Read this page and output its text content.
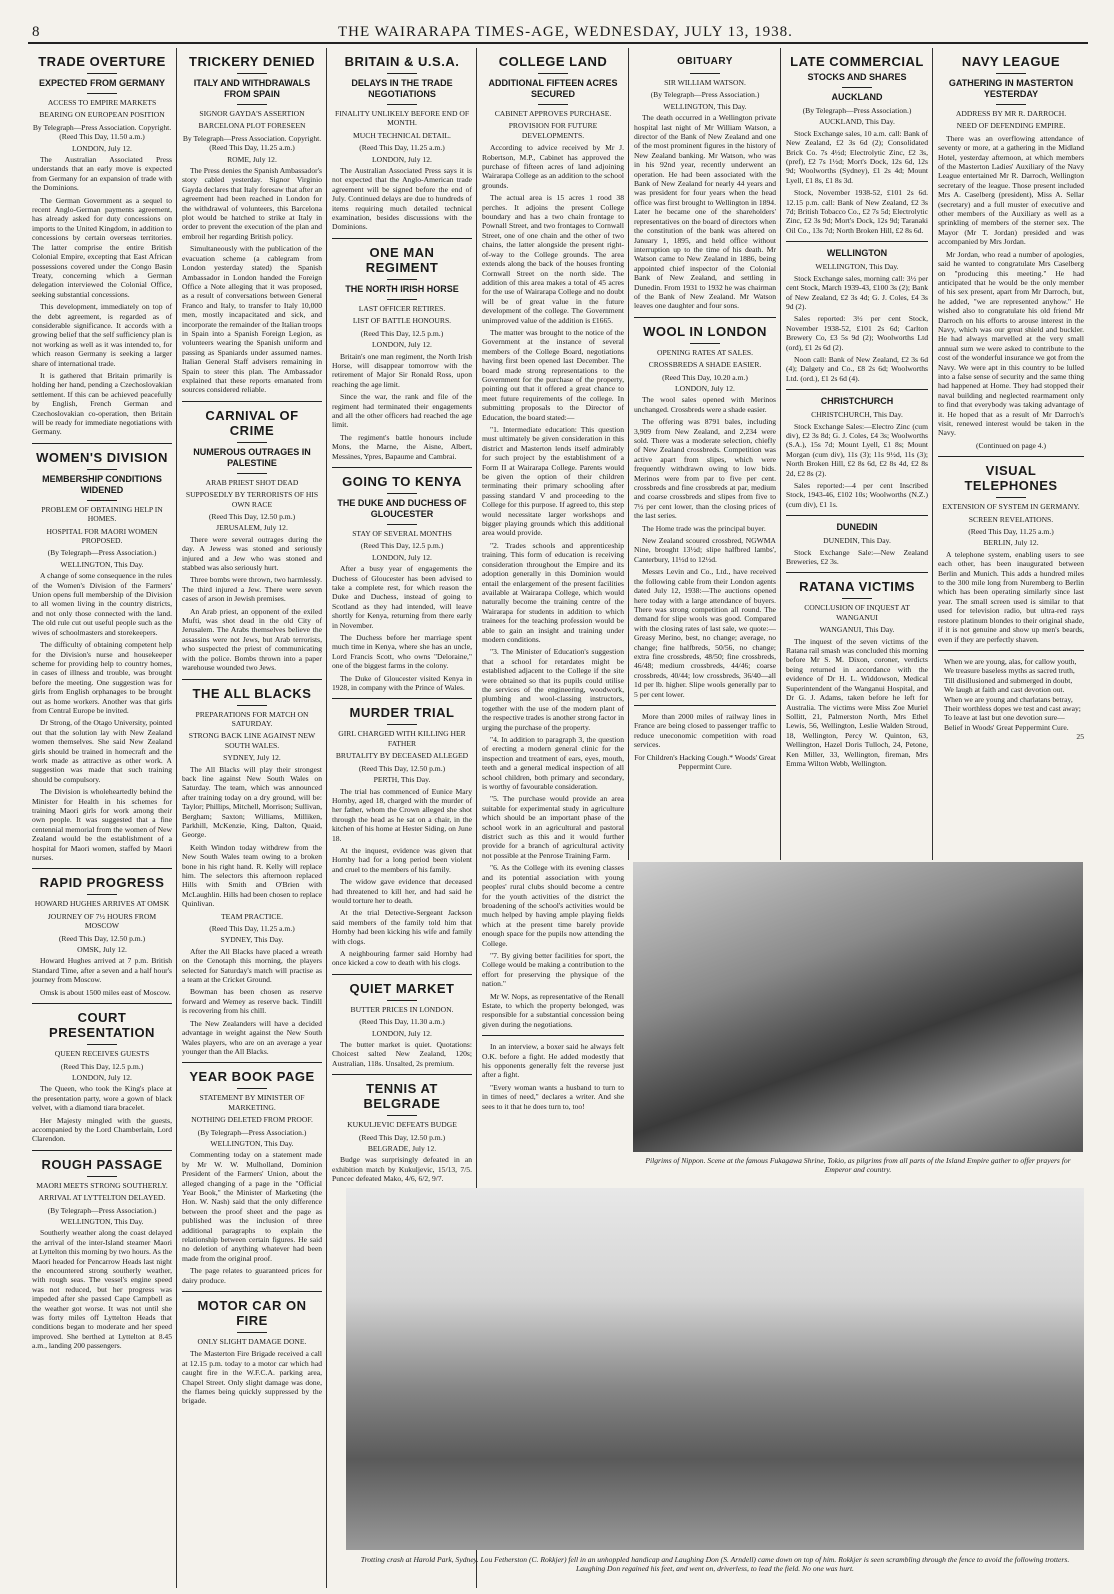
8	THE WAIRARAPA TIMES-AGE, WEDNESDAY, JULY 13, 1938.
TRADE OVERTURE
EXPECTED FROM GERMANY
ACCESS TO EMPIRE MARKETS
BEARING ON EUROPEAN POSITION
By Telegraph—Press Association. Copyright. (Reed This Day, 11.50 a.m.)
LONDON, July 12.

The Australian Associated Press understands that an early move is expected from Germany for an expansion of trade with the Dominions.

The German Government as a sequel to recent Anglo-German payments agreement, has already asked for duty concessions on imports to the United Kingdom, in addition to concessions by certain overseas territories. The latter comprise the entire British Colonial Empire, excepting that East African possessions covered under the Congo Basin Treaty, concerning which a German delegation interviewed the Colonial Office, seeking substantial concessions.

This development, immediately on top of the debt agreement, is regarded as of considerable significance. It accords with a growing belief that the self sufficiency plan is not working as well as it was intended to, for which reason Germany is seeking a larger share of international trade.

It is gathered that Britain primarily is holding her hand, pending a Czechoslovakian settlement. If this can be achieved peacefully by English, French German and Czechoslovakian co-operation, then Britain will be ready for immediate negotiations with Germany.

WOMEN'S DIVISION
MEMBERSHIP CONDITIONS WIDENED
PROBLEM OF OBTAINING HELP IN HOMES.
HOSPITAL FOR MAORI WOMEN PROPOSED.
(By Telegraph—Press Association.)
WELLINGTON, This Day.

A change of some consequence in the rules of the Women's Division of the Farmers' Union opens full membership of the Division to all women living in the country districts, and not only those connected with the land. The old rule cut out useful people such as the wives of schoolmasters and storekeepers.

The difficulty of obtaining competent help for the Division's nurse and housekeeper scheme for providing help to country homes, in cases of illness and trouble, was brought before the meeting. One suggestion was for girls from English orphanages to be brought out as home workers. Another was that girls from Central Europe be invited.

Dr Strong, of the Otago University, pointed out that the solution lay with New Zealand women themselves. She said New Zealand girls should be trained in homecraft and the work made as attractive as other work. A suggestion was made that such training should be compulsory.

The Division is wholeheartedly behind the Minister for Health in his schemes for training Maori girls for work among their own people. It was suggested that a fine centennial memorial from the women of New Zealand would be the establishment of a hospital for Maori women, staffed by Maori nurses.

RAPID PROGRESS
HOWARD HUGHES ARRIVES AT OMSK
JOURNEY OF 7½ HOURS FROM MOSCOW
(Reed This Day, 12.50 p.m.)
OMSK, July 12.

Howard Hughes arrived at 7 p.m. British Standard Time, after a seven and a half hour's journey from Moscow.

Omsk is about 1500 miles east of Moscow.

COURT PRESENTATION
QUEEN RECEIVES GUESTS
(Reed This Day, 12.5 p.m.)
LONDON, July 12.

The Queen, who took the King's place at the presentation party, wore a gown of black velvet, with a diamond tiara bracelet.

Her Majesty mingled with the guests, accompanied by the Lord Chamberlain, Lord Clarendon.

ROUGH PASSAGE
MAORI MEETS STRONG SOUTHERLY.
ARRIVAL AT LYTTELTON DELAYED.
(By Telegraph—Press Association.)
WELLINGTON, This Day.

Southerly weather along the coast delayed the arrival of the inter-Island steamer Maori at Lyttelton this morning by two hours. As the Maori headed for Pencarrow Heads last night the encountered strong southerly weather, with rough seas. The vessel's engine speed was not reduced, but her progress was impeded after she passed Cape Campbell as the weather got worse. It was not until she was forty miles off Lyttelton Heads that conditions began to moderate and her speed improved. She berthed at Lyttelton at 8.45 a.m., landing 200 passengers.

TRICKERY DENIED
ITALY AND WITHDRAWALS FROM SPAIN
SIGNOR GAYDA'S ASSERTION
BARCELONA PLOT FORESEEN
By Telegraph—Press Association. Copyright. (Reed This Day, 11.25 a.m.)
ROME, July 12.

The Press denies the Spanish Ambassador's story cabled yesterday. Signor Virginio Gayda declares that Italy foresaw that after an agreement had been reached in London for the withdrawal of volunteers, this Barcelona plot would be hatched to strike at Italy in order to prevent the execution of the plan and embroil her regarding British policy.

Simultaneously with the publication of the evacuation scheme (a cablegram from London yesterday stated) the Spanish Ambassador in London handed the Foreign Office a Note alleging that it was proposed, as a result of conversations between General Franco and Italy, to transfer to Italy 10,000 men, mostly incapacitated and sick, and incorporate the remainder of the Italian troops in Spain into a Spanish Foreign Legion, as volunteers wearing the Spanish uniform and passing as Spaniards under assumed names. Italian General Staff advisers remaining in Spain to steer this plan. The Ambassador explained that these reports emanated from sources considered reliable.

CARNIVAL OF CRIME
NUMEROUS OUTRAGES IN PALESTINE
ARAB PRIEST SHOT DEAD
SUPPOSEDLY BY TERRORISTS OF HIS OWN RACE
(Reed This Day, 12.50 p.m.)
JERUSALEM, July 12.

There were several outrages during the day. A Jewess was stoned and seriously injured and a Jew who was stoned and stabbed was also seriously hurt.

Three bombs were thrown, two harmlessly. The third injured a Jew. There were seven cases of arson in Jewish premises.

An Arab priest, an opponent of the exiled Mufti, was shot dead in the old City of Jerusalem. The Arabs themselves believe the assassins were not Jews, but Arab terrorists, who suspected the priest of communicating with the police. Bombs thrown into a paper warehouse wounded two Jews.

THE ALL BLACKS
PREPARATIONS FOR MATCH ON SATURDAY.
STRONG BACK LINE AGAINST NEW SOUTH WALES.
SYDNEY, July 12.

The All Blacks will play their strongest back line against New South Wales on Saturday. The team, which was announced after training today on a dry ground, will be: Taylor; Phillips, Mitchell, Morrison; Sullivan, Bergham; Saxton; Williams, Milliken, Parkhill, McKenzie, King, Dalton, Quaid, George.

Keith Windon today withdrew from the New South Wales team owing to a broken bone in his right hand. R. Kelly will replace him. The selectors this afternoon replaced Hills with Smith and O'Brien with McLaughlin. Hills had been chosen to replace Quinlivan.

TEAM PRACTICE.
(Reed This Day, 11.25 a.m.)
SYDNEY, This Day.

After the All Blacks have placed a wreath on the Cenotaph this morning, the players selected for Saturday's match will practise as a team at the Cricket Ground.

Bowman has been chosen as reserve forward and Wemey as reserve back. Tindill is recovering from his chill.

The New Zealanders will have a decided advantage in weight against the New South Wales players, who are on an average a year younger than the All Blacks.

YEAR BOOK PAGE
STATEMENT BY MINISTER OF MARKETING.
NOTHING DELETED FROM PROOF.
(By Telegraph—Press Association.)
WELLINGTON, This Day.

Commenting today on a statement made by Mr W. W. Mulholland, Dominion President of the Farmers' Union, about the alleged changing of a page in the "Official Year Book," the Minister of Marketing (the Hon. W. Nash) said that the only difference between the proof sheet and the page as published was the inclusion of three additional paragraphs to explain the relationship between certain figures. He said no deletion of anything whatever had been made from the original proof.

The page relates to guaranteed prices for dairy produce.

MOTOR CAR ON FIRE
ONLY SLIGHT DAMAGE DONE.

The Masterton Fire Brigade received a call at 12.15 p.m. today to a motor car which had caught fire in the W.F.C.A. parking area, Chapel Street. Only slight damage was done, the flames being quickly suppressed by the brigade.

BRITAIN & U.S.A.
DELAYS IN THE TRADE NEGOTIATIONS
FINALITY UNLIKELY BEFORE END OF MONTH.
MUCH TECHNICAL DETAIL.
(Reed This Day, 11.25 a.m.)
LONDON, July 12.

The Australian Associated Press says it is not expected that the Anglo-American trade agreement will be signed before the end of July. Continued delays are due to hundreds of items requiring much detailed technical examination, besides discussions with the Dominions.

ONE MAN REGIMENT
THE NORTH IRISH HORSE
LAST OFFICER RETIRES.
LIST OF BATTLE HONOURS.
(Reed This Day, 12.5 p.m.)
LONDON, July 12.

Britain's one man regiment, the North Irish Horse, will disappear tomorrow with the retirement of Major Sir Ronald Ross, upon reaching the age limit.

Since the war, the rank and file of the regiment had terminated their engagements and all the other officers had reached the age limit.

The regiment's battle honours include Mons, the Marne, the Aisne, Albert, Messines, Ypres, Bapaume and Cambrai.

GOING TO KENYA
THE DUKE AND DUCHESS OF GLOUCESTER
STAY OF SEVERAL MONTHS
(Reed This Day, 12.5 p.m.)
LONDON, July 12.

After a busy year of engagements the Duchess of Gloucester has been advised to take a complete rest, for which reason the Duke and Duchess, instead of going to Scotland as they had intended, will leave shortly for Kenya, returning from there early in November.

The Duchess before her marriage spent much time in Kenya, where she has an uncle, Lord Francis Scott, who owns "Deloraine," one of the biggest farms in the colony.

The Duke of Gloucester visited Kenya in 1928, in company with the Prince of Wales.

MURDER TRIAL
GIRL CHARGED WITH KILLING HER FATHER
BRUTALITY BY DECEASED ALLEGED
(Reed This Day, 12.50 p.m.)
PERTH, This Day.

The trial has commenced of Eunice Mary Hornby, aged 18, charged with the murder of her father, whom the Crown alleged she shot through the head as he sat on a chair, in the kitchen of his home at Hester Siding, on June 18.

At the inquest, evidence was given that Hornby had for a long period been violent and cruel to the members of his family.

The widow gave evidence that deceased had threatened to kill her, and had said he would torture her to death.

At the trial Detective-Sergeant Jackson said members of the family told him that Hornby had been kicking his wife and family with clogs.

A neighbouring farmer said Hornby had once kicked a cow to death with his clogs.

QUIET MARKET
BUTTER PRICES IN LONDON.
(Reed This Day, 11.30 a.m.)
LONDON, July 12.

The butter market is quiet. Quotations: Choicest salted New Zealand, 120s; Australian, 118s. Unsalted, 2s premium.

TENNIS AT BELGRADE
KUKULJEVIC DEFEATS BUDGE
(Reed This Day, 12.50 p.m.)
BELGRADE, July 12.

Budge was surprisingly defeated in an exhibition match by Kukuljevic, 15/13, 7/5. Puncec defeated Mako, 4/6, 6/2, 9/7.

COLLEGE LAND
ADDITIONAL FIFTEEN ACRES SECURED
CABINET APPROVES PURCHASE.
PROVISION FOR FUTURE DEVELOPMENTS.

According to advice received by Mr J. Robertson, M.P., Cabinet has approved the purchase of fifteen acres of land adjoining Wairarapa College as an addition to the school grounds.

The actual area is 15 acres 1 rood 38 perches. It adjoins the present College boundary and has a two chain frontage to Pownall Street, and two frontages to Cornwall Street, one of one chain and the other of two chains, the latter alongside the present right-of-way to the College grounds. The area extends along the back of the houses fronting Cornwall Street on the north side. The addition of this area makes a total of 45 acres for the use of Wairarapa College and no doubt will be of great value in the future development of the college. The Government unimproved value of the addition is £1665.

The matter was brought to the notice of the Government at the instance of several members of the College Board, negotiations having first been opened last December. The board made strong representations to the Government for the purchase of the property, pointing out that it offered a great chance to meet future requirements of the college. In submitting proposals to the Director of Education, the board stated:—

"1. Intermediate education: This question must ultimately be given consideration in this district and Masterton lends itself admirably for such project by the establishment of a Form II at Wairarapa College. Parents would be given the option of their children terminating their primary schooling after passing standard V and proceeding to the College for this purpose. If agreed to, this step would necessitate larger workshops and bigger playing grounds which this additional area would provide.

"2. Trades schools and apprenticeship training. This form of education is receiving consideration throughout the Empire and its adoption generally in this Dominion would entail the enlargement of the present facilities available at Wairarapa College, which would naturally become the training centre of the Wairarapa for students in addition to which trainees for the teaching profession would be able to gain an insight and training under modern conditions.

"3. The Minister of Education's suggestion that a school for retardates might be established adjacent to the College if the site were obtained so that its pupils could utilise the services of the engineering, woodwork, plumbing and wool-classing instructors, together with the use of the modern plant of the respective trades is another strong factor in urging the purchase of the property.

"4. In addition to paragraph 3, the question of erecting a modern general clinic for the inspection and treatment of ears, eyes, mouth, teeth and a general medical inspection of all school children, both primary and secondary, is worthy of favourable consideration.

"5. The purchase would provide an area suitable for experimental study in agriculture which should be an important phase of the school work in an agricultural and pastoral district such as this and it would further provide for a branch of agricultural activity not possible at the Penrose Training Farm.

"6. As the College with its evening classes and its potential association with young peoples' rural clubs should become a centre for the youth activities of the district the broadening of the school's activities would be much helped by having ample playing fields which at the present time barely provide enough space for the pupils now attending the College.

"7. By giving better facilities for sport, the College would be making a contribution to the effort for preserving the physique of the nation."

Mr W. Nops, as representative of the Renall Estate, to which the property belonged, was responsible for a substantial concession being given during the negotiations.

In an interview, a boxer said he always felt O.K. before a fight. He added modestly that his opponents generally felt the reverse just after a fight.

"Every woman wants a husband to turn to in times of need," declares a writer. And she sees to it that he does turn to, too!

OBITUARY
SIR WILLIAM WATSON.
(By Telegraph—Press Association.)
WELLINGTON, This Day.

The death occurred in a Wellington private hospital last night of Mr William Watson, a director of the Bank of New Zealand and one of the most prominent figures in the history of New Zealand banking. Mr Watson, who was in his 92nd year, recently underwent an operation. He had been associated with the Bank of New Zealand for nearly 44 years and was president for four years when the head office was first brought to Wellington in 1894. Later he became one of the shareholders' representatives on the board of directors when the constitution of the bank was altered on January 1, 1895, and held office without interruption up to the time of his death. Mr Watson came to New Zealand in 1886, being appointed chief inspector of the Colonial Bank of New Zealand, and settling in Dunedin. From 1931 to 1932 he was chairman of the Bank of New Zealand. Mr Watson leaves one daughter and four sons.

WOOL IN LONDON
OPENING RATES AT SALES.
CROSSBREDS A SHADE EASIER.
(Reed This Day, 10.20 a.m.)
LONDON, July 12.

The wool sales opened with Merinos unchanged. Crossbreds were a shade easier.

The offering was 8791 bales, including 3,909 from New Zealand, and 2,234 were sold. There was a moderate selection, chiefly of New Zealand crossbreds. Competition was active apart from slipes, which were frequently withdrawn owing to low bids. Merinos were from par to five per cent. crossbreds and fine crossbreds at par, medium and coarse crossbreds and slipes from five to 7½ per cent lower, than the closing prices of the last series.

The Home trade was the principal buyer.

New Zealand scoured crossbred, NGWMA Nine, brought 13½d; slipe halfbred lambs', Canterbury, 11½d to 12½d.

Messrs Levin and Co., Ltd., have received the following cable from their London agents dated July 12, 1938:—The auctions opened here today with a large attendance of buyers. There was strong competition all round. The demand for slipe wools was good. Compared with the closing rates of last sale, we quote:—Greasy Merino, best, no change; average, no change; fine halfbreds, 50/56, no change; extra fine crossbreds, 48/50; fine crossbreds, 46/48; medium crossbreds, 44/46; coarse crossbreds, 40/44; low crossbreds, 36/40—all 1d per lb. higher. Slipe wools generally par to 5 per cent lower.

More than 2000 miles of railway lines in France are being closed to passenger traffic to reduce uneconomic competition with road services.

For Children's Hacking Cough.* Woods' Great Peppermint Cure.

LATE COMMERCIAL
STOCKS AND SHARES
AUCKLAND
(By Telegraph—Press Association.)
AUCKLAND, This Day.

Stock Exchange sales, 10 a.m. call: Bank of New Zealand, £2 3s 6d (2); Consolidated Brick Co. 7s 4½d; Electrolytic Zinc, £2 3s, (pref), £2 7s 1½d; Mort's Dock, 12s 6d, 12s 9d; Woolworths (Sydney), £1 2s 4d; Mount Lyell, £1 8s, £1 8s 3d.

Stock, November 1938-52, £101 2s 6d. 12.15 p.m. call: Bank of New Zealand, £2 3s 7d; British Tobacco Co., £2 7s 5d; Electrolytic Zinc, £2 3s 9d; Mort's Dock, 12s 9d; Taranaki Oil Co., 13s 7d; North Broken Hill, £2 8s 6d.

WELLINGTON
WELLINGTON, This Day.

Stock Exchange sales, morning call: 3½ per cent Stock, March 1939-43, £100 3s (2); Bank of New Zealand, £2 3s 4d; G. J. Coles, £4 3s 9d (2).

Sales reported: 3½ per cent Stock, November 1938-52, £101 2s 6d; Carlton Brewery Co, £3 5s 9d (2); Woolworths Ltd (ord), £1 2s 6d (2).

Noon call: Bank of New Zealand, £2 3s 6d (4); Dalgety and Co., £8 2s 6d; Woolworths Ltd. (ord.), £1 2s 6d (4).

CHRISTCHURCH
CHRISTCHURCH, This Day.

Stock Exchange Sales:—Electro Zinc (cum div), £2 3s 8d; G. J. Coles, £4 3s; Woolworths (S.A.), 15s 7d; Mount Lyell, £1 8s; Mount Morgan (cum div), 11s (3); 11s 9½d, 11s (3); North Broken Hill, £2 8s 6d, £2 8s 4d, £2 8s 2d, £2 8s (2).

Sales reported:—4 per cent Inscribed Stock, 1943-46, £102 10s; Woolworths (N.Z.) (cum div), £1 1s.

DUNEDIN
DUNEDIN, This Day.

Stock Exchange Sale:—New Zealand Breweries, £2 3s.

RATANA VICTIMS
CONCLUSION OF INQUEST AT WANGANUI
WANGANUI, This Day.

The inquest of the seven victims of the Ratana rail smash was concluded this morning before Mr S. M. Dixon, coroner, verdicts being returned in accordance with the evidence of Dr H. L. Widdowson, Medical Superintendent of the Wanganui Hospital, and Dr G. J. Adams, taken before he left for Australia. The victims were Miss Zoe Muriel Sollitt, 21, Palmerston North, Mrs Ethel Lewis, 56, Wellington, Leslie Walden Stroud, 18, Wellington, Percy W. Quinton, 63, Wellington, Hazel Doris Tulloch, 24, Petone, Ken Miller, 33, Wellington, fireman, Mrs Emma Wilton Webb, Wellington.

NAVY LEAGUE
GATHERING IN MASTERTON YESTERDAY
ADDRESS BY MR R. DARROCH.
NEED OF DEFENDING EMPIRE.

There was an overflowing attendance of seventy or more, at a gathering in the Midland Hotel, yesterday afternoon, at which members of the Masterton Ladies' Auxiliary of the Navy League entertained Mr R. Darroch, Wellington secretary of the league. Those present included Mrs A. Caselberg (president), Miss A. Sellar (secretary) and a full muster of executive and other members of the Auxiliary as well as a sprinkling of members of the sterner sex. The Mayor (Mr T. Jordan) presided and was accompanied by Mrs Jordan.

Mr Jordan, who read a number of apologies, said he wanted to congratulate Mrs Caselberg on "producing this meeting." He had anticipated that he would be the only member of his sex present, apart from Mr Darroch, but, he added, "we are represented anyhow." He wished also to congratulate his old friend Mr Darroch on his efforts to arouse interest in the Navy, which was our great shield and buckler. He had always marvelled at the very small annual sum we were asked to contribute to the cost of the wonderful insurance we got from the Navy. We were apt in this country to be lulled into a false sense of security and the same thing had happened at Home. They had stopped their naval building and neglected rearmament only to find that everybody was taking advantage of it. He hoped that as a result of Mr Darroch's visit, renewed interest would be taken in the Navy.

(Continued on page 4.)

VISUAL TELEPHONES
EXTENSION OF SYSTEM IN GERMANY.
SCREEN REVELATIONS.
(Reed This Day, 11.25 a.m.)
BERLIN, July 12.

A telephone system, enabling users to see each other, has been inaugurated between Berlin and Munich. This adds a hundred miles to the 300 mile long from Nuremberg to Berlin which has been operating similarly since last year. The small screen used is similar to that used for television radio, but ultra-red rays restore platinum blondes to their original shade, if it is not genuine and show up men's beards, even if they are perfectly shaven.

When we are young, alas, for callow youth,
We treasure baseless myths as sacred truth,
Till disillusioned and submerged in doubt,
We laugh at faith and cast devotion out.
When we are young and charlatans betray,
Their worthless dopes we test and cast away;
To leave at last but one devotion sure—
Belief in Woods' Great Peppermint Cure.
25
Pilgrims of Nippon. Scene at the famous Fukagawa Shrine, Tokio, as pilgrims from all parts of the Island Empire gather to offer prayers for Emperor and country.
Trotting crash at Harold Park, Sydney. Lou Fetherston (C. Rokkjer) fell in an unhoppled handicap and Laughing Don (S. Arndell) came down on top of him. Rokkjer is seen scrambling through the fence to avoid the following trotters. Laughing Don regained his feet, and went on, driverless, to lead the field. No one was hurt.
